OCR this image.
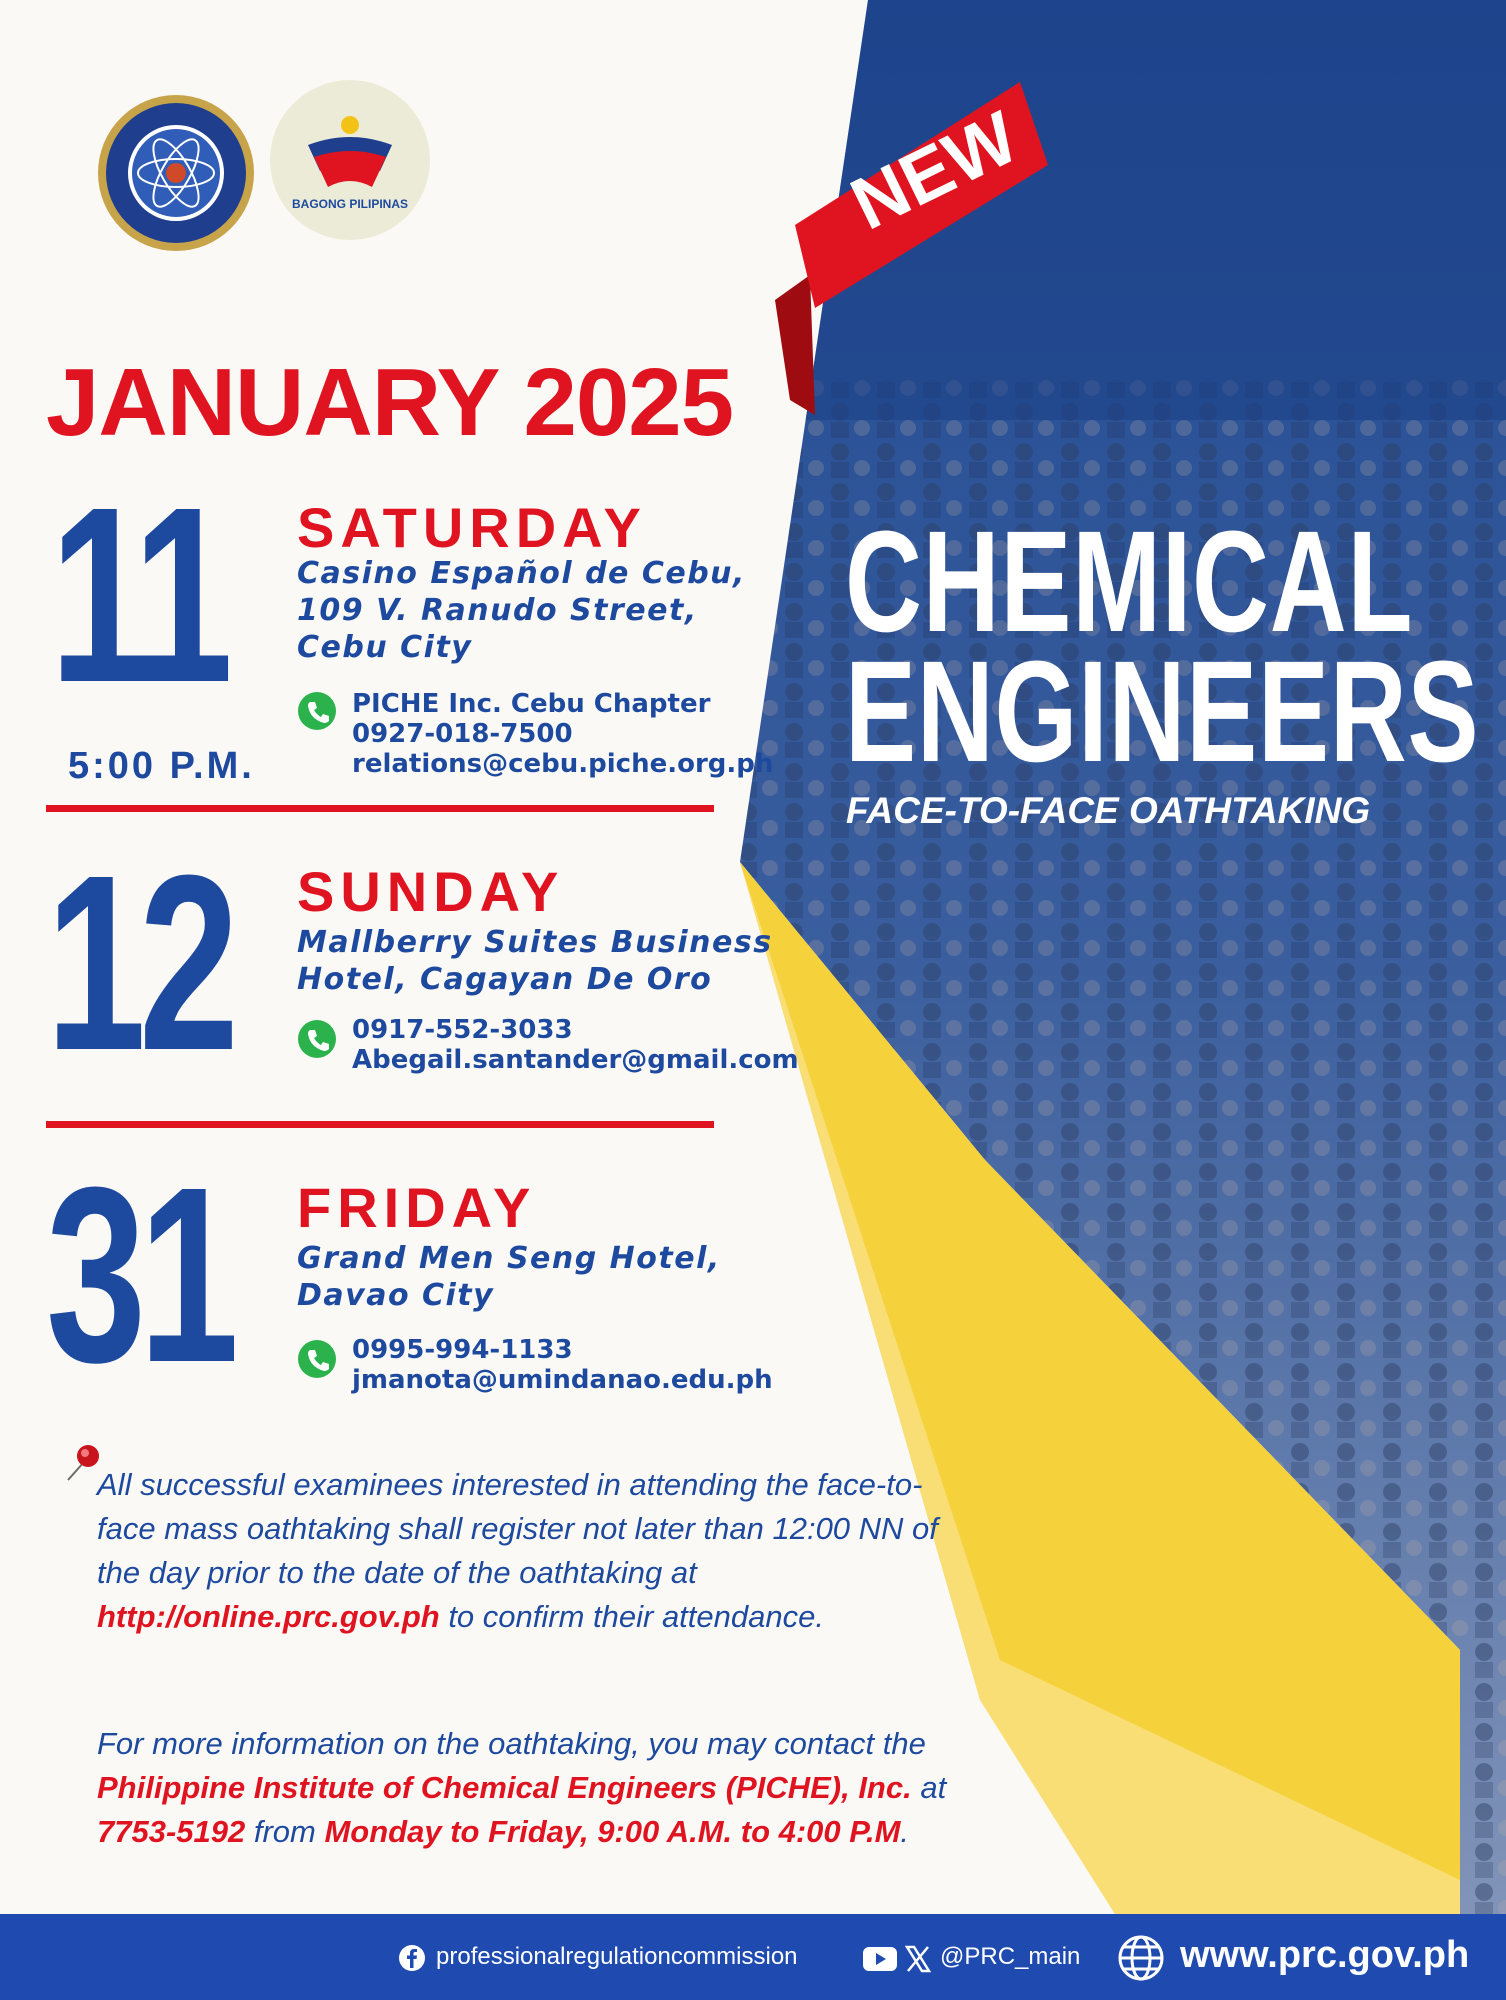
BAGONG PILIPINAS	NEW
JANUARY 2025
CHEMICAL
ENGINEERS
FACE-TO-FACE OATHTAKING
11
5:00 P.M.
SATURDAY
Casino Español de Cebu,
109 V. Ranudo Street,
Cebu City
PICHE Inc. Cebu Chapter
0927-018-7500
relations@cebu.piche.org.ph
12 SUNDAY
Mallberry Suites Business
Hotel, Cagayan De Oro
0917-552-3033
Abegail.santander@gmail.com
31 FRIDAY
Grand Men Seng Hotel,
Davao City
0995-994-1133
jmanota@umindanao.edu.ph
All successful examinees interested in attending the face-to-face mass oathtaking shall register not later than 12:00 NN of the day prior to the date of the oathtaking at http://online.prc.gov.ph to confirm their attendance.
For more information on the oathtaking, you may contact the Philippine Institute of Chemical Engineers (PICHE), Inc. at 7753-5192 from Monday to Friday, 9:00 A.M. to 4:00 P.M.
professionalregulationcommission	@PRC_main	www.prc.gov.ph
